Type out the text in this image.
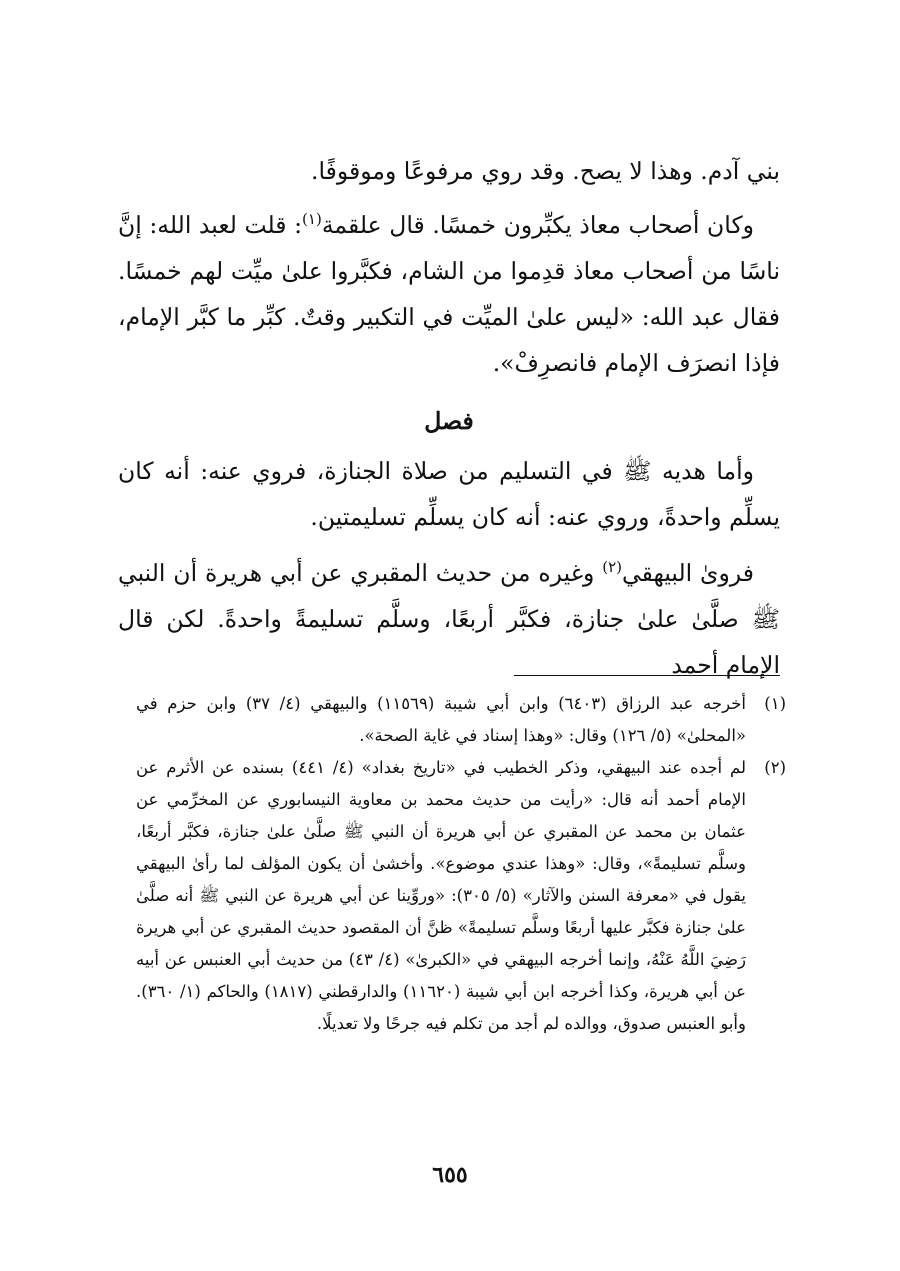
بني آدم. وهذا لا يصح. وقد روي مرفوعًا وموقوفًا.

وكان أصحاب معاذ يكبِّرون خمسًا. قال علقمة$^{(١)}$: قلت لعبد الله: إنَّ ناسًا من أصحاب معاذ قدِموا من الشام، فكبَّروا علىٰ ميِّت لهم خمسًا. فقال عبد الله: «ليس علىٰ الميِّت في التكبير وقتٌ. كبِّر ما كبَّر الإمام، فإذا انصرَف الإمام فانصرِفْ».

فصل

وأما هديه ﷺ في التسليم من صلاة الجنازة، فروي عنه: أنه كان يسلِّم واحدةً، وروي عنه: أنه كان يسلِّم تسليمتين.

فروىٰ البيهقي$^{(٢)}$ وغيره من حديث المقبري عن أبي هريرة أن النبي ﷺ صلَّىٰ علىٰ جنازة، فكبَّر أربعًا، وسلَّم تسليمةً واحدةً. لكن قال الإمام أحمد

(١)
أخرجه عبد الرزاق (٦٤٠٣) وابن أبي شيبة (١١٥٦٩) والبيهقي (٤/ ٣٧) وابن حزم في «المحلىٰ» (٥/ ١٢٦) وقال: «وهذا إسناد في غاية الصحة».
(٢)
لم أجده عند البيهقي، وذكر الخطيب في «تاريخ بغداد» (٤/ ٤٤١) بسنده عن الأثرم عن الإمام أحمد أنه قال: «رأيت من حديث محمد بن معاوية النيسابوري عن المخرِّمي عن عثمان بن محمد عن المقبري عن أبي هريرة أن النبي ﷺ صلَّىٰ علىٰ جنازة، فكبَّر أربعًا، وسلَّم تسليمةً»، وقال: «وهذا عندي موضوع». وأخشىٰ أن يكون المؤلف لما رأىٰ البيهقي يقول في «معرفة السنن والآثار» (٥/ ٣٠٥): «وروِّينا عن أبي هريرة عن النبي ﷺ أنه صلَّىٰ علىٰ جنازة فكبَّر عليها أربعًا وسلَّم تسليمةً» ظنَّ أن المقصود حديث المقبري عن أبي هريرة رَضِيَ اللَّهُ عَنْهُ، وإنما أخرجه البيهقي في «الكبرىٰ» (٤/ ٤٣) من حديث أبي العنبس عن أبيه عن أبي هريرة، وكذا أخرجه ابن أبي شيبة (١١٦٢٠) والدارقطني (١٨١٧) والحاكم (١/ ٣٦٠). وأبو العنبس صدوق، ووالده لم أجد من تكلم فيه جرحًا ولا تعديلًا.
٦٥٥
